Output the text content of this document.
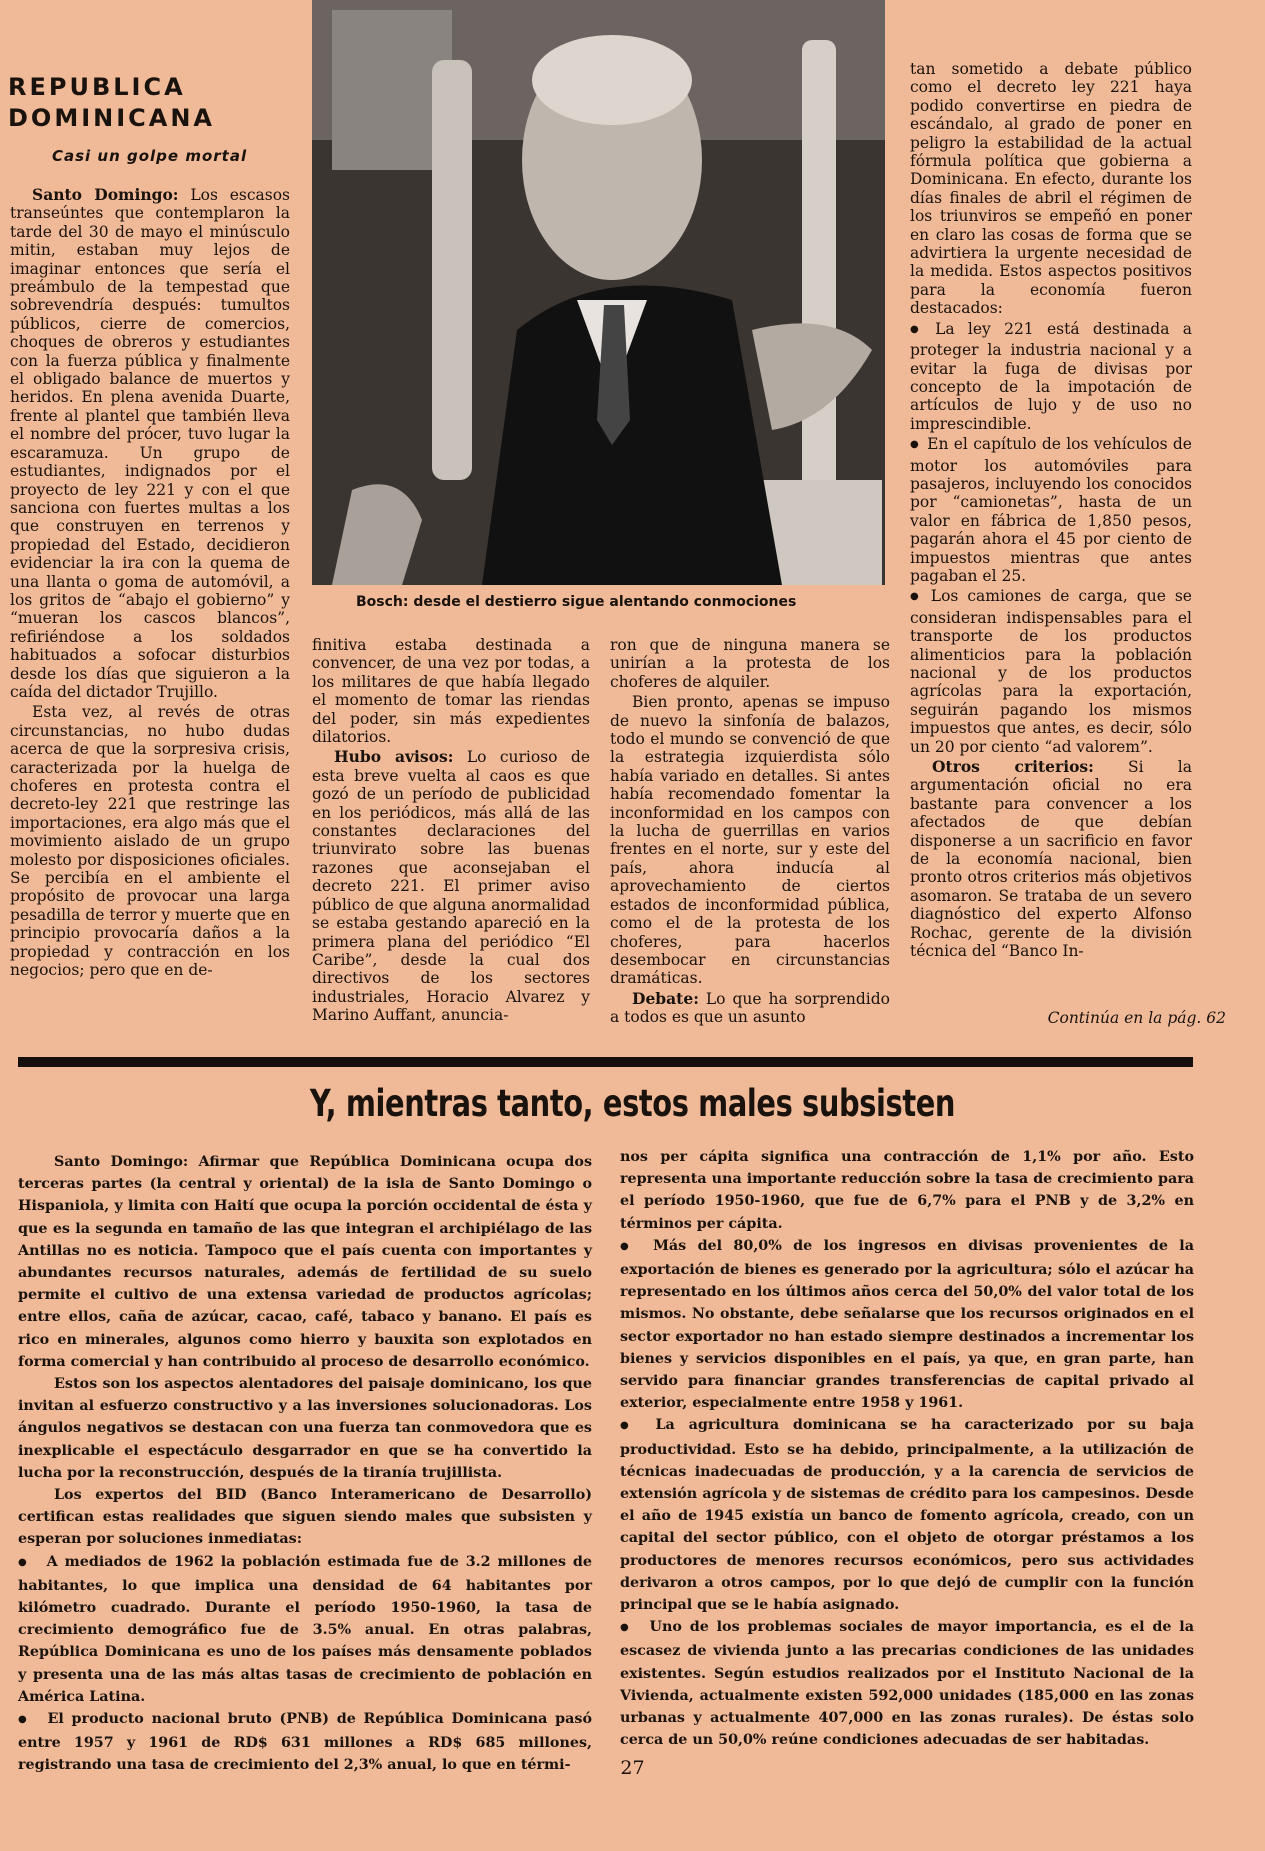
REPUBLICA DOMINICANA
Casi un golpe mortal

Santo Domingo: Los escasos transeúntes que contemplaron la tarde del 30 de mayo el minúsculo mitin, estaban muy lejos de imaginar entonces que sería el preámbulo de la tempestad que sobrevendría después: tumultos públicos, cierre de comercios, choques de obreros y estudiantes con la fuerza pública y finalmente el obligado balance de muertos y heridos. En plena avenida Duarte, frente al plantel que también lleva el nombre del prócer, tuvo lugar la escaramuza. Un grupo de estudiantes, indignados por el proyecto de ley 221 y con el que sanciona con fuertes multas a los que construyen en terrenos y propiedad del Estado, decidieron evidenciar la ira con la quema de una llanta o goma de automóvil, a los gritos de “abajo el gobierno” y “mueran los cascos blancos”, refiriéndose a los soldados habituados a sofocar disturbios desde los días que siguieron a la caída del dictador Trujillo.

Esta vez, al revés de otras circunstancias, no hubo dudas acerca de que la sorpresiva crisis, caracterizada por la huelga de choferes en protesta contra el decreto-ley 221 que restringe las importaciones, era algo más que el movimiento aislado de un grupo molesto por disposiciones oficiales. Se percibía en el ambiente el propósito de provocar una larga pesadilla de terror y muerte que en principio provocaría daños a la propiedad y contracción en los negocios; pero que en de-

Bosch: desde el destierro sigue alentando conmociones

finitiva estaba destinada a convencer, de una vez por todas, a los militares de que había llegado el momento de tomar las riendas del poder, sin más expedientes dilatorios.

Hubo avisos: Lo curioso de esta breve vuelta al caos es que gozó de un período de publicidad en los periódicos, más allá de las constantes declaraciones del triunvirato sobre las buenas razones que aconsejaban el decreto 221. El primer aviso público de que alguna anormalidad se estaba gestando apareció en la primera plana del periódico “El Caribe”, desde la cual dos directivos de los sectores industriales, Horacio Alvarez y Marino Auffant, anuncia-

ron que de ninguna manera se unirían a la protesta de los choferes de alquiler.

Bien pronto, apenas se impuso de nuevo la sinfonía de balazos, todo el mundo se convenció de que la estrategia izquierdista sólo había variado en detalles. Si antes había recomendado fomentar la inconformidad en los campos con la lucha de guerrillas en varios frentes en el norte, sur y este del país, ahora inducía al aprovechamiento de ciertos estados de inconformidad pública, como el de la protesta de los choferes, para hacerlos desembocar en circunstancias dramáticas.

Debate: Lo que ha sorprendido a todos es que un asunto

tan sometido a debate público como el decreto ley 221 haya podido convertirse en piedra de escándalo, al grado de poner en peligro la estabilidad de la actual fórmula política que gobierna a Dominicana. En efecto, durante los días finales de abril el régimen de los triunviros se empeñó en poner en claro las cosas de forma que se advirtiera la urgente necesidad de la medida. Estos aspectos positivos para la economía fueron destacados:

● La ley 221 está destinada a proteger la industria nacional y a evitar la fuga de divisas por concepto de la impotación de artículos de lujo y de uso no imprescindible.

● En el capítulo de los vehículos de motor los automóviles para pasajeros, incluyendo los conocidos por “camionetas”, hasta de un valor en fábrica de 1,850 pesos, pagarán ahora el 45 por ciento de impuestos mientras que antes pagaban el 25.

● Los camiones de carga, que se consideran indispensables para el transporte de los productos alimenticios para la población nacional y de los productos agrícolas para la exportación, seguirán pagando los mismos impuestos que antes, es decir, sólo un 20 por ciento “ad valorem”.

Otros criterios: Si la argumentación oficial no era bastante para convencer a los afectados de que debían disponerse a un sacrificio en favor de la economía nacional, bien pronto otros criterios más objetivos asomaron. Se trataba de un severo diagnóstico del experto Alfonso Rochac, gerente de la división técnica del “Banco In-

Continúa en la pág. 62
Y, mientras tanto, estos males subsisten

Santo Domingo: Afirmar que República Dominicana ocupa dos terceras partes (la central y oriental) de la isla de Santo Domingo o Hispaniola, y limita con Haití que ocupa la porción occidental de ésta y que es la segunda en tamaño de las que integran el archipiélago de las Antillas no es noticia. Tampoco que el país cuenta con importantes y abundantes recursos naturales, además de fertilidad de su suelo permite el cultivo de una extensa variedad de productos agrícolas; entre ellos, caña de azúcar, cacao, café, tabaco y banano. El país es rico en minerales, algunos como hierro y bauxita son explotados en forma comercial y han contribuido al proceso de desarrollo económico.

Estos son los aspectos alentadores del paisaje dominicano, los que invitan al esfuerzo constructivo y a las inversiones solucionadoras. Los ángulos negativos se destacan con una fuerza tan conmovedora que es inexplicable el espectáculo desgarrador en que se ha convertido la lucha por la reconstrucción, después de la tiranía trujillista.

Los expertos del BID (Banco Interamericano de Desarrollo) certifican estas realidades que siguen siendo males que subsisten y esperan por soluciones inmediatas:

● A mediados de 1962 la población estimada fue de 3.2 millones de habitantes, lo que implica una densidad de 64 habitantes por kilómetro cuadrado. Durante el período 1950-1960, la tasa de crecimiento demográfico fue de 3.5% anual. En otras palabras, República Dominicana es uno de los países más densamente poblados y presenta una de las más altas tasas de crecimiento de población en América Latina.

● El producto nacional bruto (PNB) de República Dominicana pasó entre 1957 y 1961 de RD$ 631 millones a RD$ 685 millones, registrando una tasa de crecimiento del 2,3% anual, lo que en térmi-

nos per cápita significa una contracción de 1,1% por año. Esto representa una importante reducción sobre la tasa de crecimiento para el período 1950-1960, que fue de 6,7% para el PNB y de 3,2% en términos per cápita.

● Más del 80,0% de los ingresos en divisas provenientes de la exportación de bienes es generado por la agricultura; sólo el azúcar ha representado en los últimos años cerca del 50,0% del valor total de los mismos. No obstante, debe señalarse que los recursos originados en el sector exportador no han estado siempre destinados a incrementar los bienes y servicios disponibles en el país, ya que, en gran parte, han servido para financiar grandes transferencias de capital privado al exterior, especialmente entre 1958 y 1961.

● La agricultura dominicana se ha caracterizado por su baja productividad. Esto se ha debido, principalmente, a la utilización de técnicas inadecuadas de producción, y a la carencia de servicios de extensión agrícola y de sistemas de crédito para los campesinos. Desde el año de 1945 existía un banco de fomento agrícola, creado, con un capital del sector público, con el objeto de otorgar préstamos a los productores de menores recursos económicos, pero sus actividades derivaron a otros campos, por lo que dejó de cumplir con la función principal que se le había asignado.

● Uno de los problemas sociales de mayor importancia, es el de la escasez de vivienda junto a las precarias condiciones de las unidades existentes. Según estudios realizados por el Instituto Nacional de la Vivienda, actualmente existen 592,000 unidades (185,000 en las zonas urbanas y actualmente 407,000 en las zonas rurales). De éstas solo cerca de un 50,0% reúne condiciones adecuadas de ser habitadas.

27
